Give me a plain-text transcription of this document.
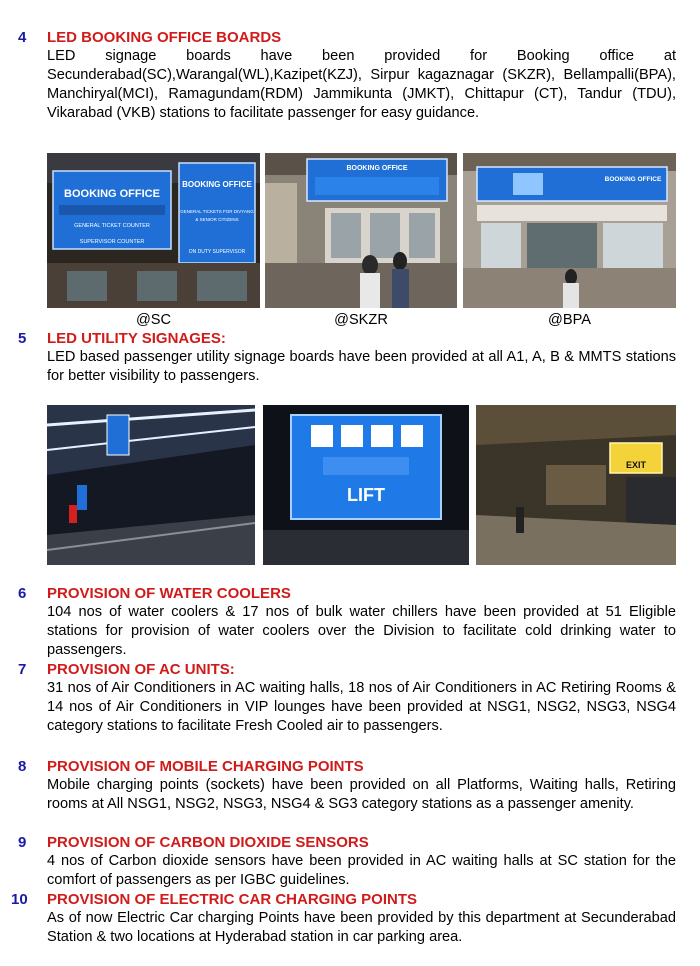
4	LED BOOKING OFFICE BOARDS
LED signage boards have been provided for Booking office at Secunderabad(SC),Warangal(WL),Kazipet(KZJ), Sirpur kagaznagar (SKZR), Bellampalli(BPA), Manchiryal(MCI), Ramagundam(RDM) Jammikunta (JMKT), Chittapur (CT), Tandur (TDU), Vikarabad (VKB) stations to facilitate passenger for easy guidance.
BOOKING OFFICE
GENERAL TICKET COUNTER
SUPERVISOR COUNTER
BOOKING OFFICE
GENERAL TICKETS FOR DIVYANG
& SENIOR CITIZENS
ON DUTY SUPERVISOR
BOOKING OFFICE
BOOKING OFFICE
@SC	@SKZR	@BPA
5	LED UTILITY SIGNAGES:
LED based passenger utility signage boards have been provided at all A1, A, B & MMTS stations for better visibility to passengers.
LIFT
EXIT
6	PROVISION OF WATER COOLERS
104 nos of water coolers & 17 nos of bulk water chillers have been provided at 51 Eligible stations for provision of water coolers over the Division to facilitate cold drinking water to passengers.
7	PROVISION OF AC UNITS:
31 nos of Air Conditioners in AC waiting halls, 18 nos of Air Conditioners in AC Retiring Rooms & 14 nos of Air Conditioners in VIP lounges have been provided at NSG1, NSG2, NSG3, NSG4 category stations to facilitate Fresh Cooled air to passengers.
8	PROVISION OF MOBILE CHARGING POINTS
Mobile charging points (sockets) have been provided on all Platforms, Waiting halls, Retiring rooms at All NSG1, NSG2, NSG3, NSG4 & SG3 category stations as a passenger amenity.
9	PROVISION OF CARBON DIOXIDE SENSORS
4 nos of Carbon dioxide sensors have been provided in AC waiting halls at SC station for the comfort of passengers as per IGBC guidelines.
10	PROVISION OF ELECTRIC CAR CHARGING POINTS
As of now Electric Car charging Points have been provided by this department at Secunderabad Station & two locations at Hyderabad station in car parking area.
